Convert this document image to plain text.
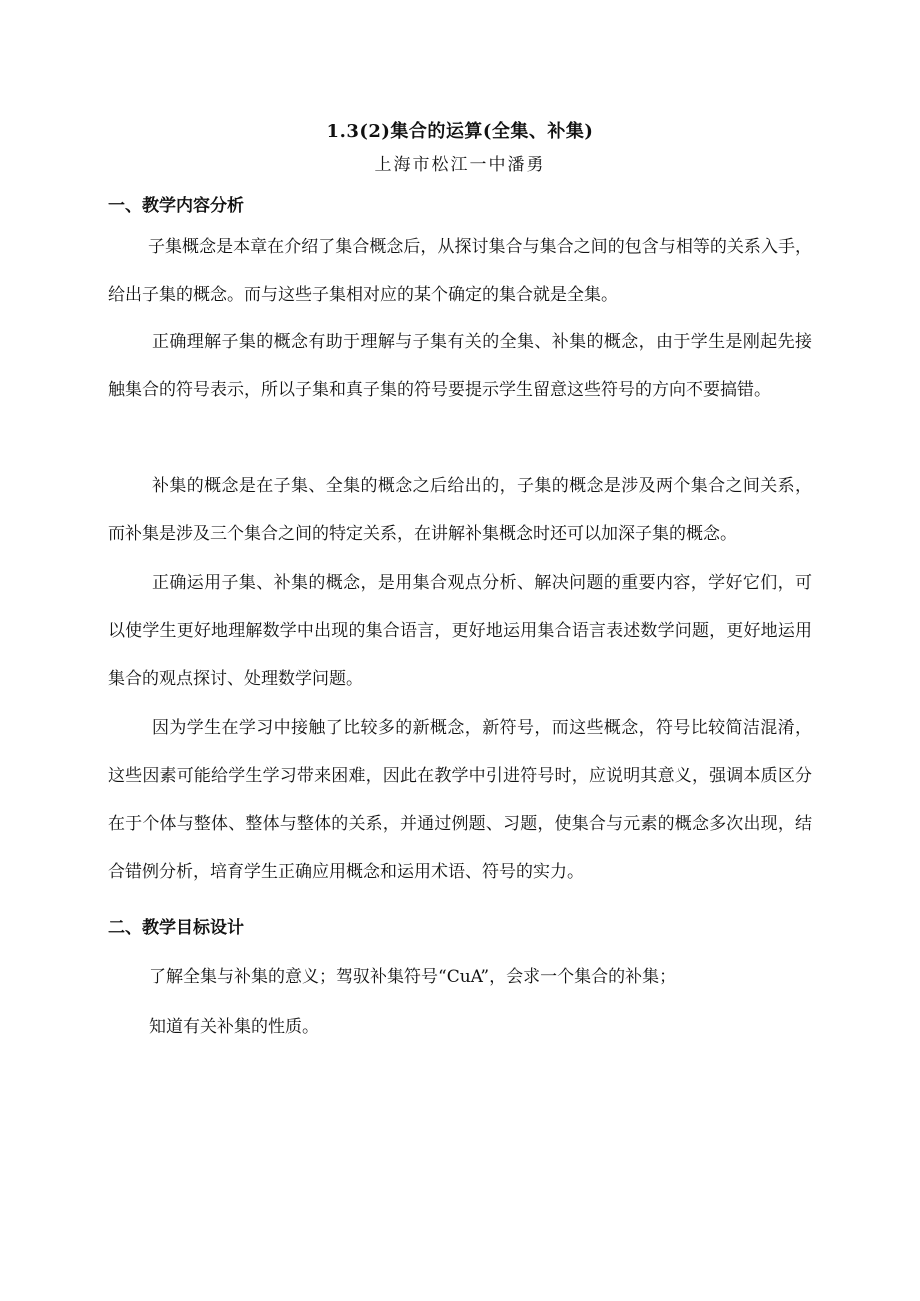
1.3(2)集合的运算(全集、补集)
上海市松江一中潘勇
一、教学内容分析
子集概念是本章在介绍了集合概念后，从探讨集合与集合之间的包含与相等的关系入手，给出子集的概念。而与这些子集相对应的某个确定的集合就是全集。
正确理解子集的概念有助于理解与子集有关的全集、补集的概念，由于学生是刚起先接触集合的符号表示，所以子集和真子集的符号要提示学生留意这些符号的方向不要搞错。
补集的概念是在子集、全集的概念之后给出的，子集的概念是涉及两个集合之间关系，而补集是涉及三个集合之间的特定关系，在讲解补集概念时还可以加深子集的概念。
正确运用子集、补集的概念，是用集合观点分析、解决问题的重要内容，学好它们，可以使学生更好地理解数学中出现的集合语言，更好地运用集合语言表述数学问题，更好地运用集合的观点探讨、处理数学问题。
因为学生在学习中接触了比较多的新概念，新符号，而这些概念，符号比较简洁混淆，这些因素可能给学生学习带来困难，因此在教学中引进符号时，应说明其意义，强调本质区分在于个体与整体、整体与整体的关系，并通过例题、习题，使集合与元素的概念多次出现，结合错例分析，培育学生正确应用概念和运用术语、符号的实力。
二、教学目标设计
了解全集与补集的意义；驾驭补集符号“CuA”，会求一个集合的补集；
知道有关补集的性质。
